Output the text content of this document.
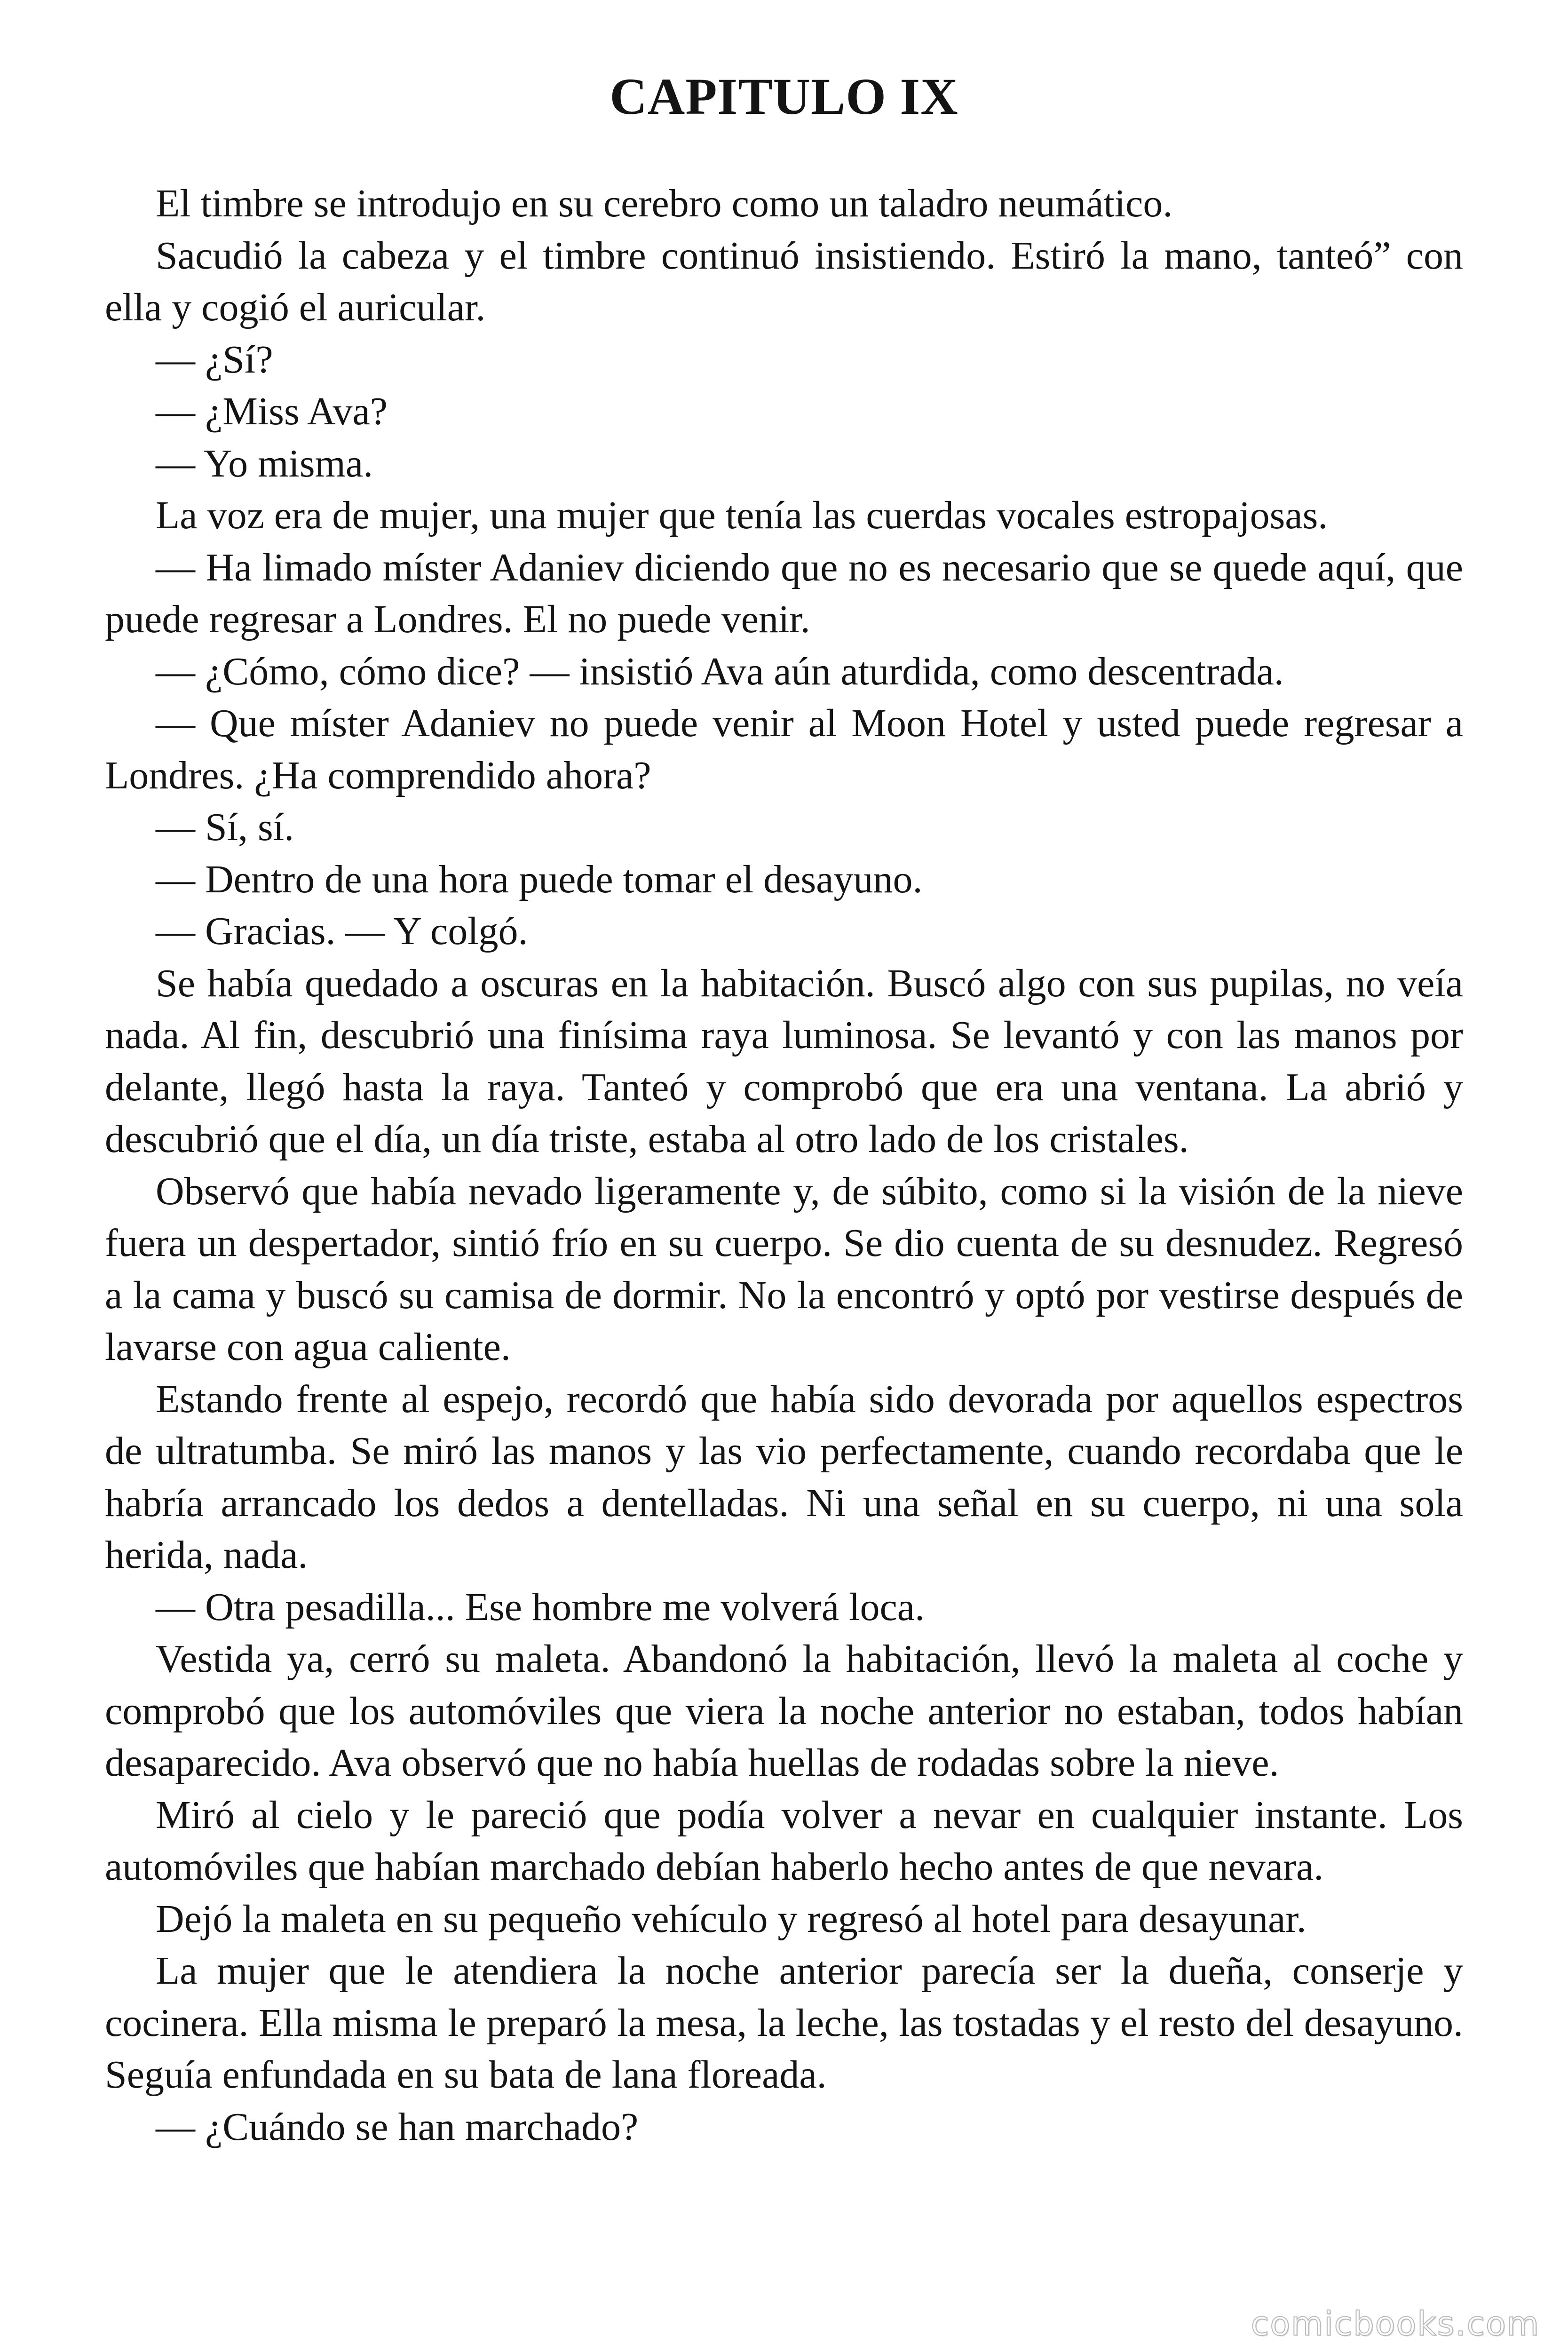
CAPITULO IX

El timbre se introdujo en su cerebro como un taladro neumático.

Sacudió la cabeza y el timbre continuó insistiendo. Estiró la mano, tanteó” con ella y cogió el auricular.

— ¿Sí?

— ¿Miss Ava?

— Yo misma.

La voz era de mujer, una mujer que tenía las cuerdas vocales estropajosas.

— Ha limado míster Adaniev diciendo que no es necesario que se quede aquí, que puede regresar a Londres. El no puede venir.

— ¿Cómo, cómo dice? — insistió Ava aún aturdida, como descentrada.

— Que míster Adaniev no puede venir al Moon Hotel y usted puede regresar a Londres. ¿Ha comprendido ahora?

— Sí, sí.

— Dentro de una hora puede tomar el desayuno.

— Gracias. — Y colgó.

Se había quedado a oscuras en la habitación. Buscó algo con sus pupilas, no veía nada. Al fin, descubrió una finísima raya luminosa. Se levantó y con las manos por delante, llegó hasta la raya. Tanteó y comprobó que era una ventana. La abrió y descubrió que el día, un día triste, estaba al otro lado de los cristales.

Observó que había nevado ligeramente y, de súbito, como si la visión de la nieve fuera un despertador, sintió frío en su cuerpo. Se dio cuenta de su desnudez. Regresó a la cama y buscó su camisa de dormir. No la encontró y optó por vestirse después de lavarse con agua caliente.

Estando frente al espejo, recordó que había sido devorada por aquellos espectros de ultratumba. Se miró las manos y las vio perfectamente, cuando recordaba que le habría arrancado los dedos a dentelladas. Ni una señal en su cuerpo, ni una sola herida, nada.

— Otra pesadilla... Ese hombre me volverá loca.

Vestida ya, cerró su maleta. Abandonó la habitación, llevó la maleta al coche y comprobó que los automóviles que viera la noche anterior no estaban, todos habían desaparecido. Ava observó que no había huellas de rodadas sobre la nieve.

Miró al cielo y le pareció que podía volver a nevar en cualquier instante. Los automóviles que habían marchado debían haberlo hecho antes de que nevara.

Dejó la maleta en su pequeño vehículo y regresó al hotel para desayunar.

La mujer que le atendiera la noche anterior parecía ser la dueña, conserje y cocinera. Ella misma le preparó la mesa, la leche, las tostadas y el resto del desayuno. Seguía enfundada en su bata de lana floreada.

— ¿Cuándo se han marchado?

comicbooks.com
